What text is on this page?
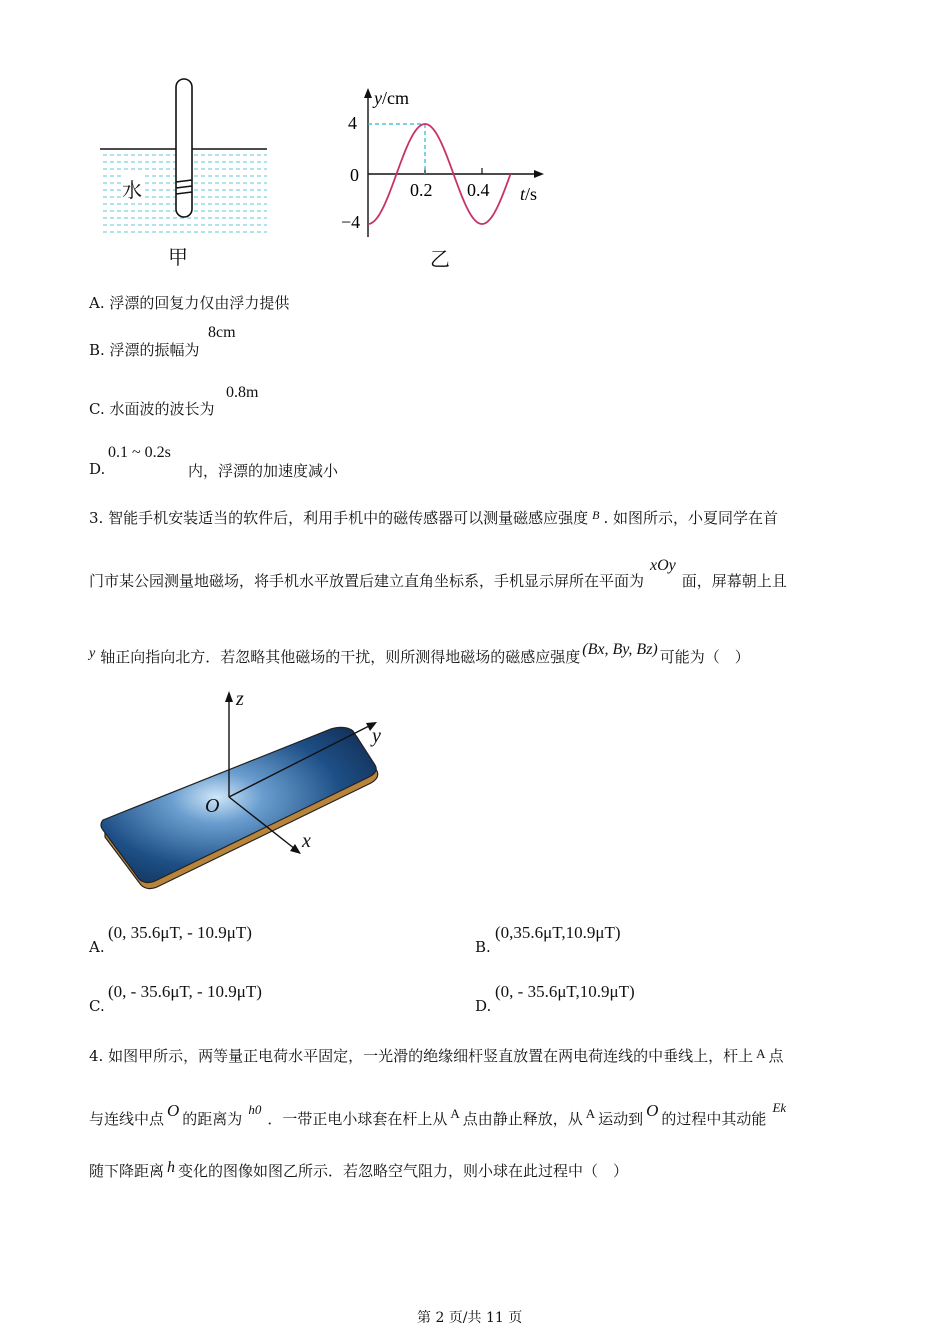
水
甲
y/cm
t/s
4
0
−4
0.2 0.4
乙
A. 浮漂的回复力仅由浮力提供
B. 浮漂的振幅为
8cm
C. 水面波的波长为
0.8m
D.
0.1 ~ 0.2s
内，浮漂的加速度减小
3. 智能手机安装适当的软件后，利用手机中的磁传感器可以测量磁感应强度 $^B$ . 如图所示，小夏同学在首
门市某公园测量地磁场，将手机水平放置后建立直角坐标系，手机显示屏所在平面为xOy面，屏幕朝上且
y 轴正向指向北方．若忽略其他磁场的干扰，则所测得地磁场的磁感应强度 (Bx, By, Bz) 可能为（　）
z
y
x
O
A.
(0, 35.6μT, - 10.9μT)
B.
(0,35.6μT,10.9μT)
C.
(0, - 35.6μT, - 10.9μT)
D.
(0, - 35.6μT,10.9μT)
4. 如图甲所示，两等量正电荷水平固定，一光滑的绝缘细杆竖直放置在两电荷连线的中垂线上，杆上 A 点
与连线中点 O 的距离为h0．一带正电小球套在杆上从 A 点由静止释放，从 A 运动到 O 的过程中其动能Ek
随下降距离 h 变化的图像如图乙所示．若忽略空气阻力，则小球在此过程中（　）
第 2 页/共 11 页
